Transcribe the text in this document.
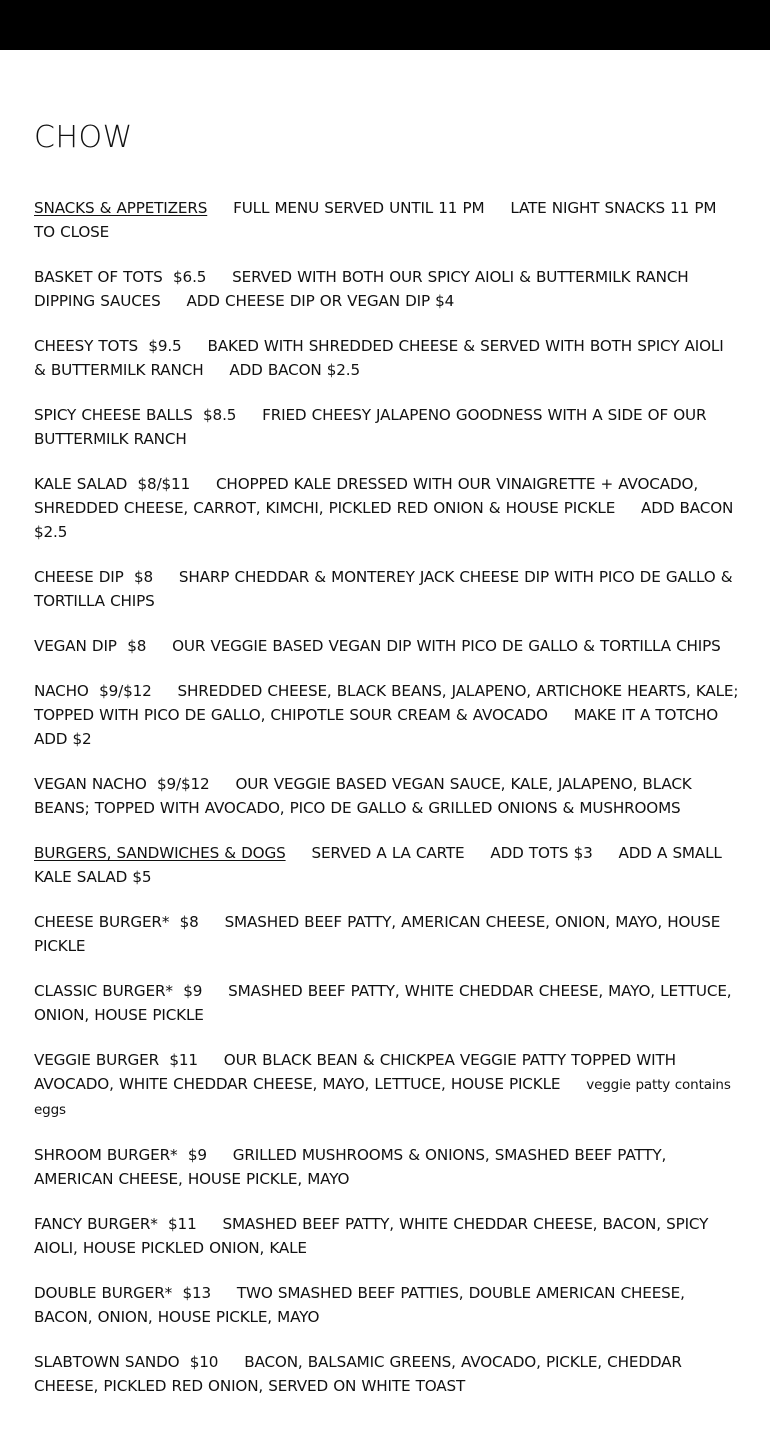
CHOW

SNACKS & APPETIZERS FULL MENU SERVED UNTIL 11 PM LATE NIGHT SNACKS 11 PM TO CLOSE

BASKET OF TOTS $6.5 SERVED WITH BOTH OUR SPICY AIOLI & BUTTERMILK RANCH DIPPING SAUCES ADD CHEESE DIP OR VEGAN DIP $4

CHEESY TOTS $9.5 BAKED WITH SHREDDED CHEESE & SERVED WITH BOTH SPICY AIOLI & BUTTERMILK RANCH ADD BACON $2.5

SPICY CHEESE BALLS $8.5 FRIED CHEESY JALAPENO GOODNESS WITH A SIDE OF OUR BUTTERMILK RANCH

KALE SALAD $8/$11 CHOPPED KALE DRESSED WITH OUR VINAIGRETTE + AVOCADO, SHREDDED CHEESE, CARROT, KIMCHI, PICKLED RED ONION & HOUSE PICKLE ADD BACON $2.5

CHEESE DIP $8 SHARP CHEDDAR & MONTEREY JACK CHEESE DIP WITH PICO DE GALLO & TORTILLA CHIPS

VEGAN DIP $8 OUR VEGGIE BASED VEGAN DIP WITH PICO DE GALLO & TORTILLA CHIPS

NACHO $9/$12 SHREDDED CHEESE, BLACK BEANS, JALAPENO, ARTICHOKE HEARTS, KALE; TOPPED WITH PICO DE GALLO, CHIPOTLE SOUR CREAM & AVOCADO MAKE IT A TOTCHO ADD $2

VEGAN NACHO $9/$12 OUR VEGGIE BASED VEGAN SAUCE, KALE, JALAPENO, BLACK BEANS; TOPPED WITH AVOCADO, PICO DE GALLO & GRILLED ONIONS & MUSHROOMS

BURGERS, SANDWICHES & DOGS SERVED A LA CARTE ADD TOTS $3 ADD A SMALL KALE SALAD $5

CHEESE BURGER* $8 SMASHED BEEF PATTY, AMERICAN CHEESE, ONION, MAYO, HOUSE PICKLE

CLASSIC BURGER* $9 SMASHED BEEF PATTY, WHITE CHEDDAR CHEESE, MAYO, LETTUCE, ONION, HOUSE PICKLE

VEGGIE BURGER $11 OUR BLACK BEAN & CHICKPEA VEGGIE PATTY TOPPED WITH AVOCADO, WHITE CHEDDAR CHEESE, MAYO, LETTUCE, HOUSE PICKLE veggie patty contains eggs

SHROOM BURGER* $9 GRILLED MUSHROOMS & ONIONS, SMASHED BEEF PATTY, AMERICAN CHEESE, HOUSE PICKLE, MAYO

FANCY BURGER* $11 SMASHED BEEF PATTY, WHITE CHEDDAR CHEESE, BACON, SPICY AIOLI, HOUSE PICKLED ONION, KALE

DOUBLE BURGER* $13 TWO SMASHED BEEF PATTIES, DOUBLE AMERICAN CHEESE, BACON, ONION, HOUSE PICKLE, MAYO

SLABTOWN SANDO $10 BACON, BALSAMIC GREENS, AVOCADO, PICKLE, CHEDDAR CHEESE, PICKLED RED ONION, SERVED ON WHITE TOAST
